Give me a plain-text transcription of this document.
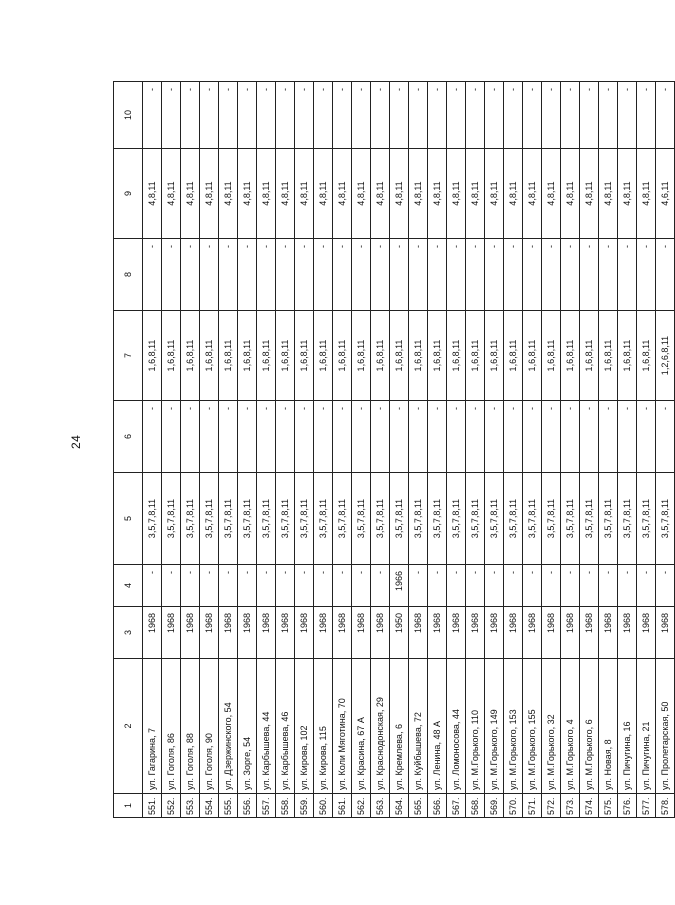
24
1	2	3	4	5	6	7	8	9	10
551.	ул. Гагарина, 7	1968	-	3,5,7,8,11	-	1,6,8,11	-	4,8,11	-
552.	ул. Гоголя, 86	1968	-	3,5,7,8,11	-	1,6,8,11	-	4,8,11	-
553.	ул. Гоголя, 88	1968	-	3,5,7,8,11	-	1,6,8,11	-	4,8,11	-
554.	ул. Гоголя, 90	1968	-	3,5,7,8,11	-	1,6,8,11	-	4,8,11	-
555.	ул. Дзержинского, 54	1968	-	3,5,7,8,11	-	1,6,8,11	-	4,8,11	-
556.	ул. Зорге, 54	1968	-	3,5,7,8,11	-	1,6,8,11	-	4,8,11	-
557.	ул. Карбышева, 44	1968	-	3,5,7,8,11	-	1,6,8,11	-	4,8,11	-
558.	ул. Карбышева, 46	1968	-	3,5,7,8,11	-	1,6,8,11	-	4,8,11	-
559.	ул. Кирова, 102	1968	-	3,5,7,8,11	-	1,6,8,11	-	4,8,11	-
560.	ул. Кирова, 115	1968	-	3,5,7,8,11	-	1,6,8,11	-	4,8,11	-
561.	ул. Коли Мяготина, 70	1968	-	3,5,7,8,11	-	1,6,8,11	-	4,8,11	-
562.	ул. Красина, 67 А	1968	-	3,5,7,8,11	-	1,6,8,11	-	4,8,11	-
563.	ул. Краснодонская, 29	1968	-	3,5,7,8,11	-	1,6,8,11	-	4,8,11	-
564.	ул. Кремлева, 6	1950	1966	3,5,7,8,11	-	1,6,8,11	-	4,8,11	-
565.	ул. Куйбышева, 72	1968	-	3,5,7,8,11	-	1,6,8,11	-	4,8,11	-
566.	ул. Ленина, 48 А	1968	-	3,5,7,8,11	-	1,6,8,11	-	4,8,11	-
567.	ул. Ломоносова, 44	1968	-	3,5,7,8,11	-	1,6,8,11	-	4,8,11	-
568.	ул. М.Горького, 110	1968	-	3,5,7,8,11	-	1,6,8,11	-	4,8,11	-
569.	ул. М.Горького, 149	1968	-	3,5,7,8,11	-	1,6,8,11	-	4,8,11	-
570.	ул. М.Горького, 153	1968	-	3,5,7,8,11	-	1,6,8,11	-	4,8,11	-
571.	ул. М.Горького, 155	1968	-	3,5,7,8,11	-	1,6,8,11	-	4,8,11	-
572.	ул. М.Горького, 32	1968	-	3,5,7,8,11	-	1,6,8,11	-	4,8,11	-
573.	ул. М.Горького, 4	1968	-	3,5,7,8,11	-	1,6,8,11	-	4,8,11	-
574.	ул. М.Горького, 6	1968	-	3,5,7,8,11	-	1,6,8,11	-	4,8,11	-
575.	ул. Новая, 8	1968	-	3,5,7,8,11	-	1,6,8,11	-	4,8,11	-
576.	ул. Пичугина, 16	1968	-	3,5,7,8,11	-	1,6,8,11	-	4,8,11	-
577.	ул. Пичугина, 21	1968	-	3,5,7,8,11	-	1,6,8,11	-	4,8,11	-
578.	ул. Пролетарская, 50	1968	-	3,5,7,8,11	-	1,2,6,8,11	-	4,6,11	-
